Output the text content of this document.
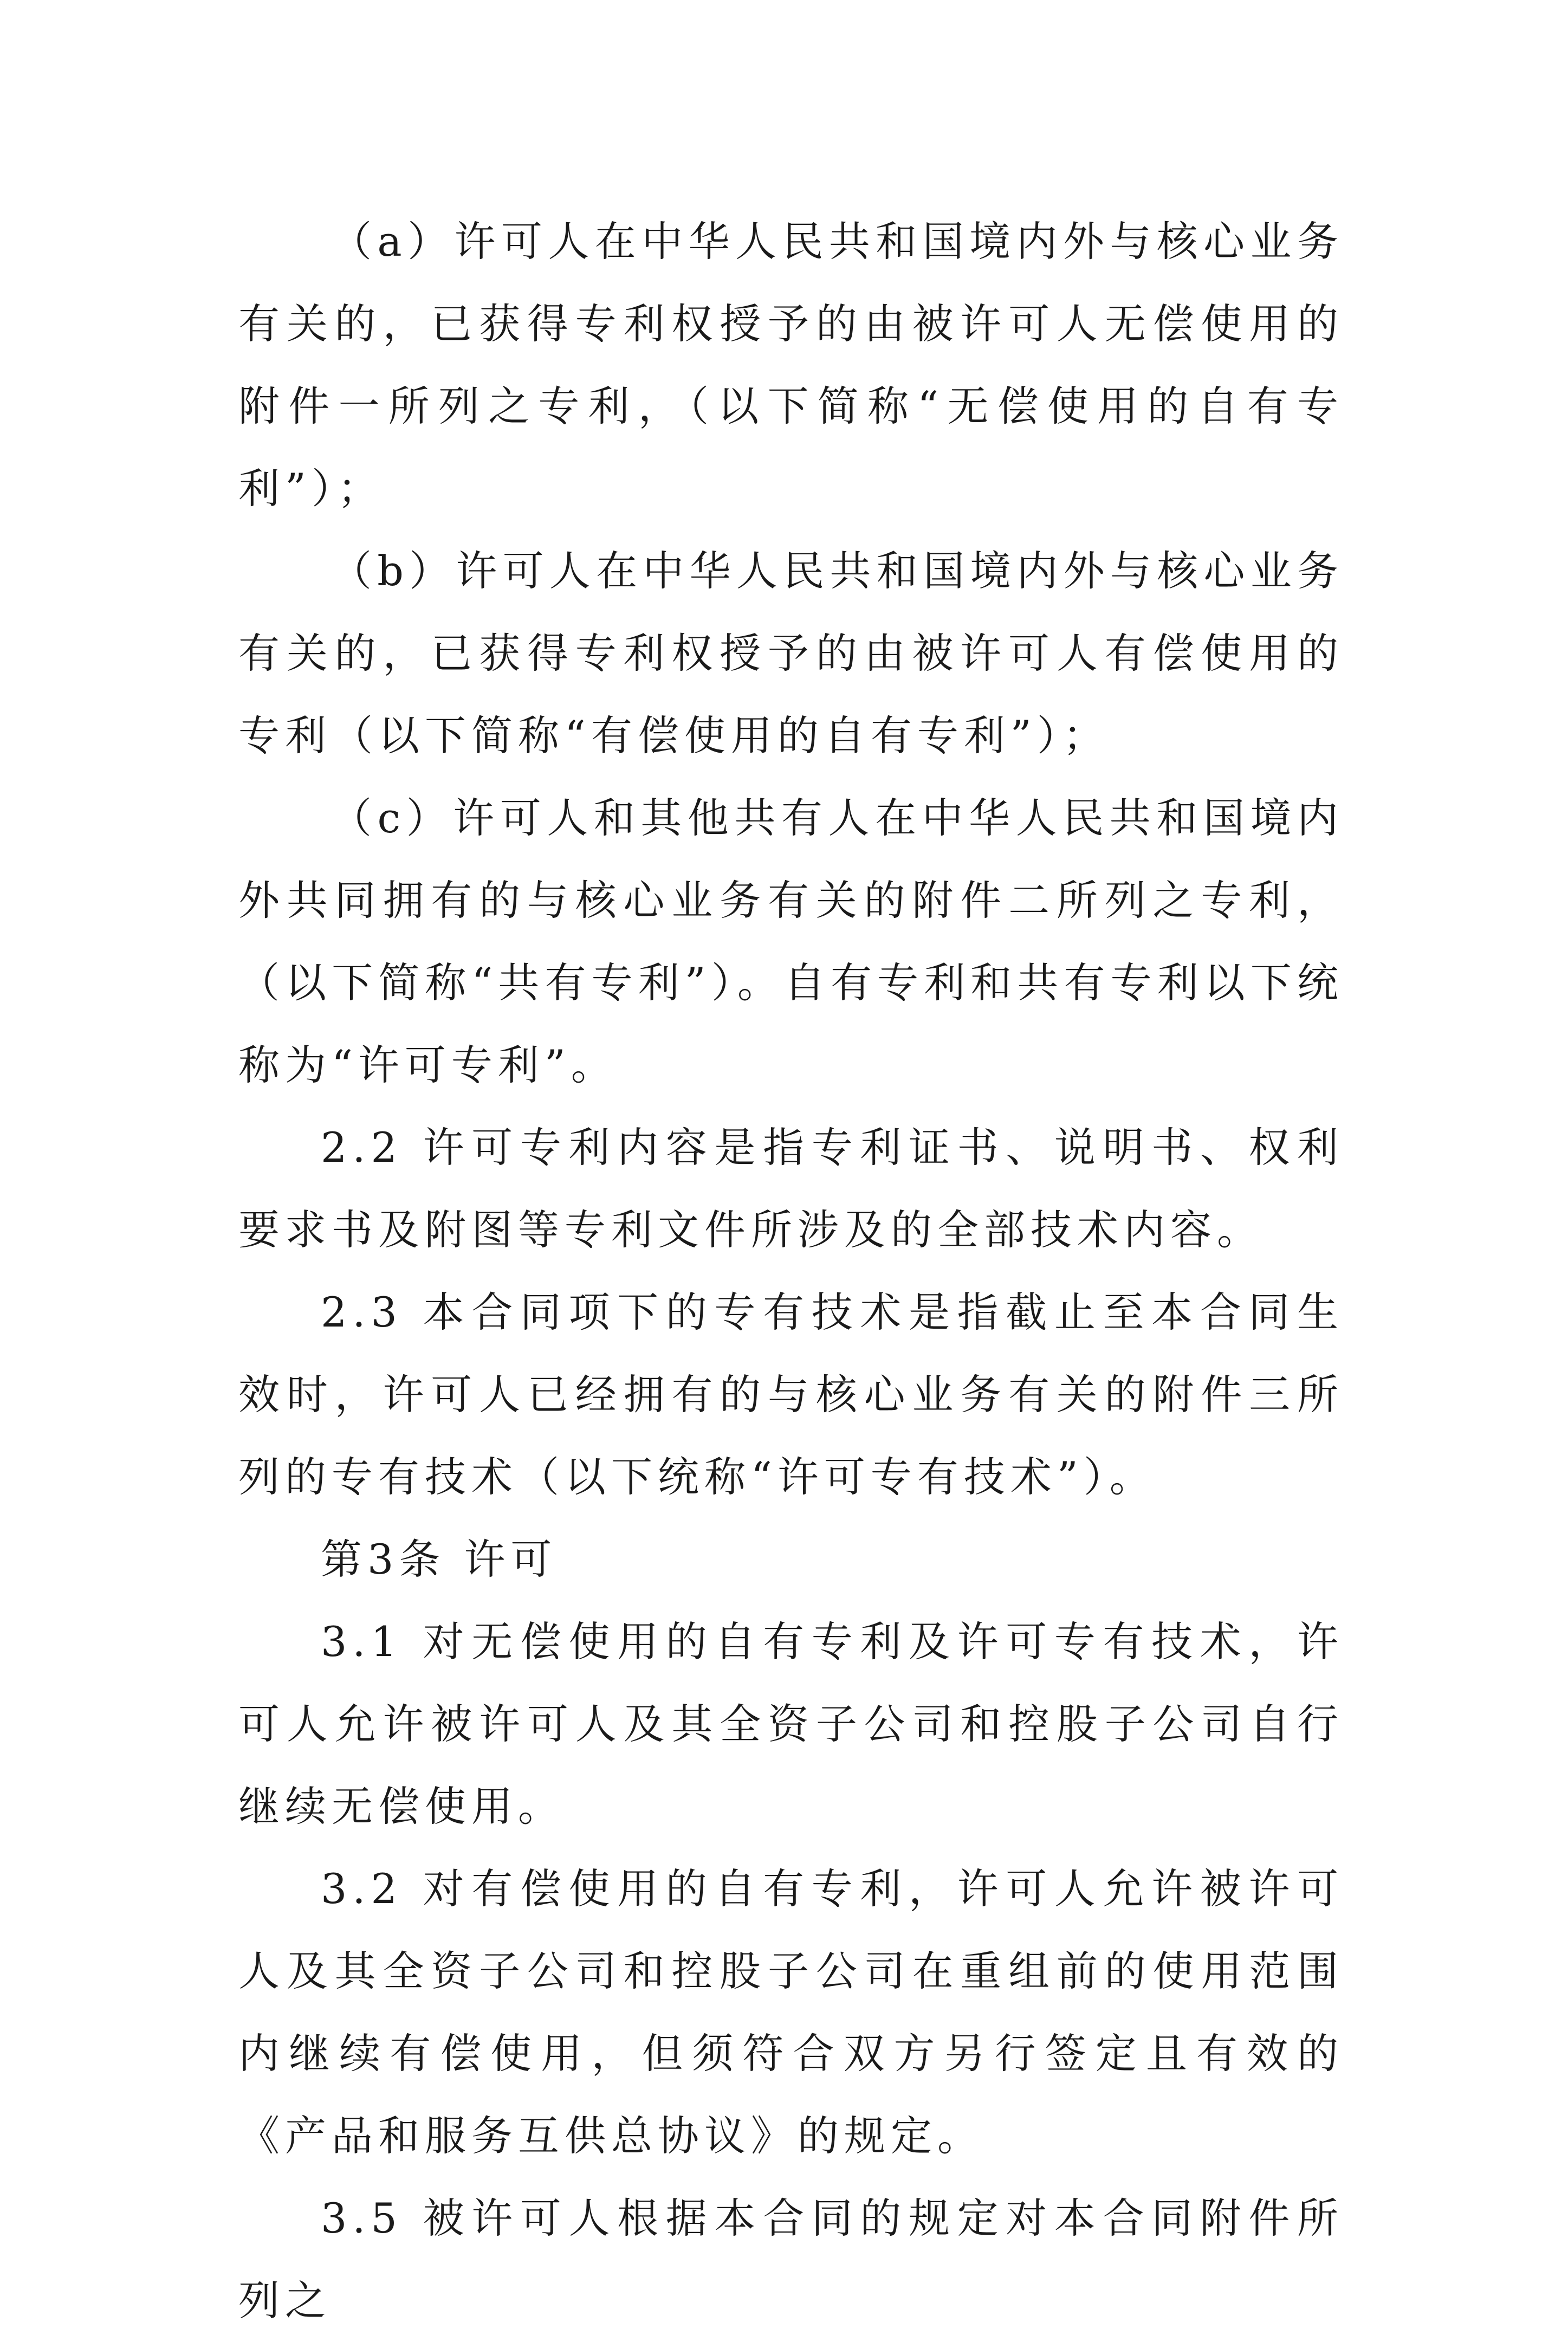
（a）许可人在中华人民共和国境内外与核心业务有关的，已获得专利权授予的由被许可人无偿使用的附件一所列之专利，（以下简称“无偿使用的自有专利”）；

（b）许可人在中华人民共和国境内外与核心业务有关的，已获得专利权授予的由被许可人有偿使用的专利（以下简称“有偿使用的自有专利”）；

（c）许可人和其他共有人在中华人民共和国境内外共同拥有的与核心业务有关的附件二所列之专利，（以下简称“共有专利”）。自有专利和共有专利以下统称为“许可专利”。

2.2 许可专利内容是指专利证书、说明书、权利要求书及附图等专利文件所涉及的全部技术内容。

2.3 本合同项下的专有技术是指截止至本合同生效时，许可人已经拥有的与核心业务有关的附件三所列的专有技术（以下统称“许可专有技术”）。

第3条 许可

3.1 对无偿使用的自有专利及许可专有技术，许可人允许被许可人及其全资子公司和控股子公司自行继续无偿使用。

3.2 对有偿使用的自有专利，许可人允许被许可人及其全资子公司和控股子公司在重组前的使用范围内继续有偿使用，但须符合双方另行签定且有效的《产品和服务互供总协议》的规定。

3.5 被许可人根据本合同的规定对本合同附件所列之
